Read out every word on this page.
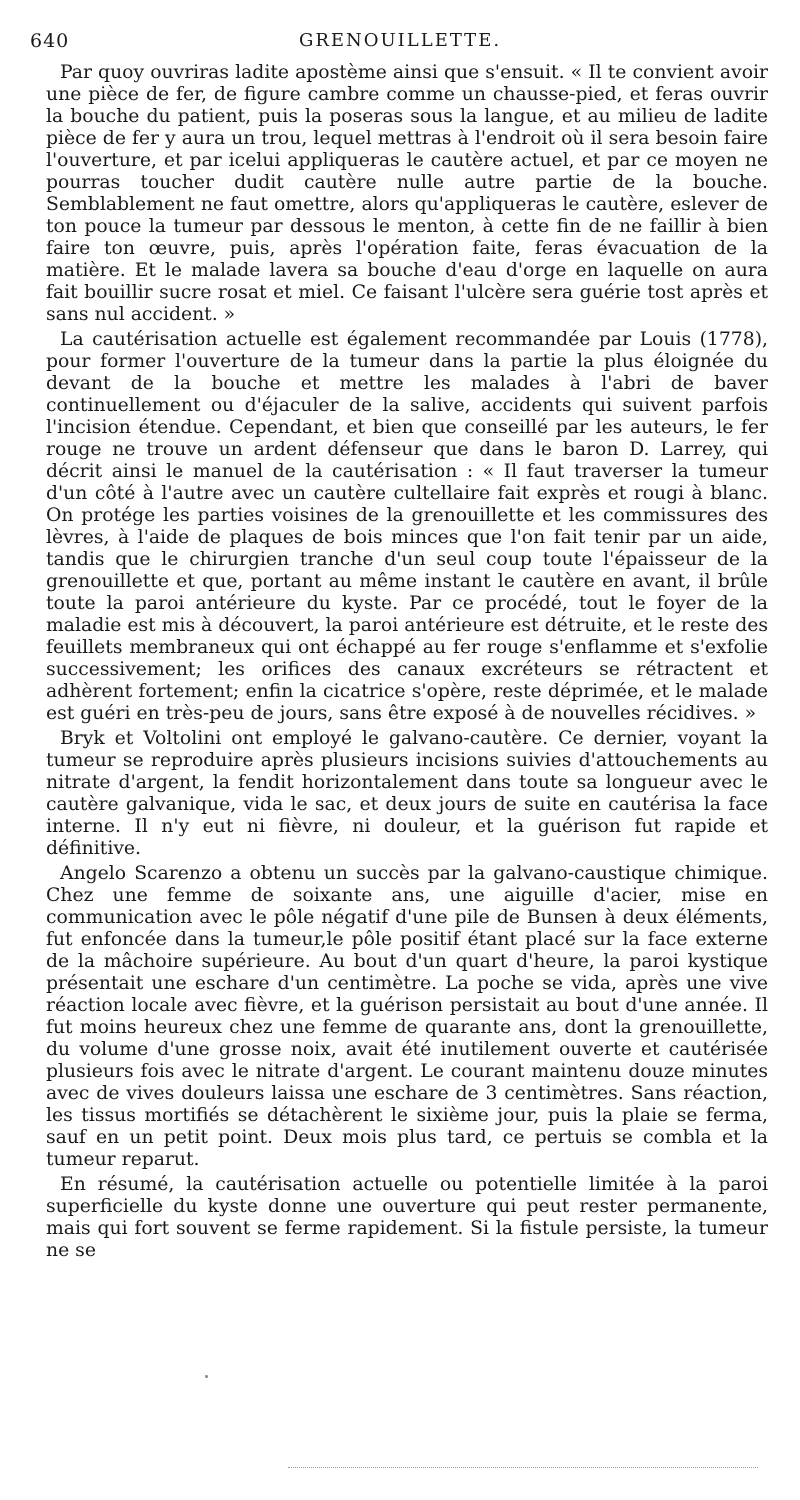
640	GRENOUILLETTE.

Par quoy ouvriras ladite apostème ainsi que s'ensuit. « Il te convient avoir une pièce de fer, de figure cambre comme un chausse-pied, et feras ouvrir la bouche du patient, puis la poseras sous la langue, et au milieu de ladite pièce de fer y aura un trou, lequel mettras à l'endroit où il sera besoin faire l'ouverture, et par icelui appliqueras le cautère actuel, et par ce moyen ne pourras toucher dudit cautère nulle autre partie de la bouche. Semblablement ne faut omettre, alors qu'appliqueras le cautère, eslever de ton pouce la tumeur par dessous le menton, à cette fin de ne faillir à bien faire ton œuvre, puis, après l'opération faite, feras évacuation de la matière. Et le malade lavera sa bouche d'eau d'orge en laquelle on aura fait bouillir sucre rosat et miel. Ce faisant l'ulcère sera guérie tost après et sans nul accident. »

La cautérisation actuelle est également recommandée par Louis (1778), pour former l'ouverture de la tumeur dans la partie la plus éloignée du devant de la bouche et mettre les malades à l'abri de baver continuellement ou d'éjaculer de la salive, accidents qui suivent parfois l'incision étendue. Cependant, et bien que conseillé par les auteurs, le fer rouge ne trouve un ardent défenseur que dans le baron D. Larrey, qui décrit ainsi le manuel de la cautérisation : « Il faut traverser la tumeur d'un côté à l'autre avec un cautère cultellaire fait exprès et rougi à blanc. On protége les parties voisines de la grenouillette et les commissures des lèvres, à l'aide de plaques de bois minces que l'on fait tenir par un aide, tandis que le chirurgien tranche d'un seul coup toute l'épaisseur de la grenouillette et que, portant au même instant le cautère en avant, il brûle toute la paroi antérieure du kyste. Par ce procédé, tout le foyer de la maladie est mis à découvert, la paroi antérieure est détruite, et le reste des feuillets membraneux qui ont échappé au fer rouge s'enflamme et s'exfolie successivement; les orifices des canaux excréteurs se rétractent et adhèrent fortement; enfin la cicatrice s'opère, reste déprimée, et le malade est guéri en très-peu de jours, sans être exposé à de nouvelles récidives. »

Bryk et Voltolini ont employé le galvano-cautère. Ce dernier, voyant la tumeur se reproduire après plusieurs incisions suivies d'attouchements au nitrate d'argent, la fendit horizontalement dans toute sa longueur avec le cautère galvanique, vida le sac, et deux jours de suite en cautérisa la face interne. Il n'y eut ni fièvre, ni douleur, et la guérison fut rapide et définitive.

Angelo Scarenzo a obtenu un succès par la galvano-caustique chimique. Chez une femme de soixante ans, une aiguille d'acier, mise en communication avec le pôle négatif d'une pile de Bunsen à deux éléments, fut enfoncée dans la tumeur,le pôle positif étant placé sur la face externe de la mâchoire supérieure. Au bout d'un quart d'heure, la paroi kystique présentait une eschare d'un centimètre. La poche se vida, après une vive réaction locale avec fièvre, et la guérison persistait au bout d'une année. Il fut moins heureux chez une femme de quarante ans, dont la grenouillette, du volume d'une grosse noix, avait été inutilement ouverte et cautérisée plusieurs fois avec le nitrate d'argent. Le courant maintenu douze minutes avec de vives douleurs laissa une eschare de 3 centimètres. Sans réaction, les tissus mortifiés se détachèrent le sixième jour, puis la plaie se ferma, sauf en un petit point. Deux mois plus tard, ce pertuis se combla et la tumeur reparut.

En résumé, la cautérisation actuelle ou potentielle limitée à la paroi superficielle du kyste donne une ouverture qui peut rester permanente, mais qui fort souvent se ferme rapidement. Si la fistule persiste, la tumeur ne se
